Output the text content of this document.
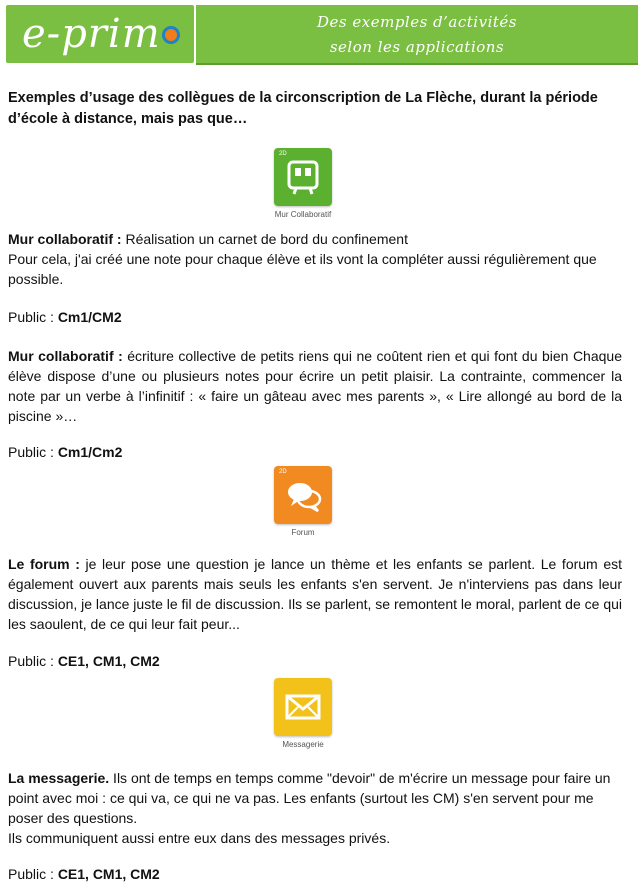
e-prim	Des exemples d’activités
selon les applications
Exemples d’usage des collègues de la circonscription de La Flèche, durant la période d’école à distance, mais pas que…
2D
Mur Collaboratif
Mur collaboratif : Réalisation un carnet de bord du confinement
Pour cela, j'ai créé une note pour chaque élève et ils vont la compléter aussi régulièrement que possible.
Public : Cm1/CM2
Mur collaboratif : écriture collective de petits riens qui ne coûtent rien et qui font du bien Chaque élève dispose d’une ou plusieurs notes pour écrire un petit plaisir. La contrainte, commencer la note par un verbe à l’infinitif : « faire un gâteau avec mes parents », « Lire allongé au bord de la piscine »…
Public : Cm1/Cm2
2D
Forum
Le forum : je leur pose une question je lance un thème et les enfants se parlent. Le forum est également ouvert aux parents mais seuls les enfants s'en servent. Je n'interviens pas dans leur discussion, je lance juste le fil de discussion. Ils se parlent, se remontent le moral, parlent de ce qui les saoulent, de ce qui leur fait peur...
Public : CE1, CM1, CM2
Messagerie
La messagerie. Ils ont de temps en temps comme "devoir" de m'écrire un message pour faire un point avec moi : ce qui va, ce qui ne va pas. Les enfants (surtout les CM) s'en servent pour me poser des questions.
Ils communiquent aussi entre eux dans des messages privés.
Public : CE1, CM1, CM2
